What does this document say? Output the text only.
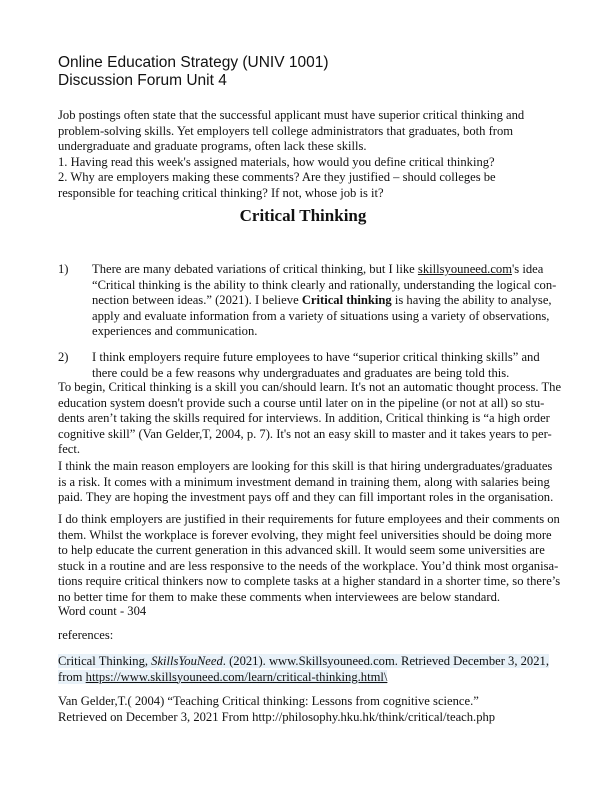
Online Education Strategy (UNIV 1001)
Discussion Forum Unit 4
Job postings often state that the successful applicant must have superior critical thinking and
problem-solving skills. Yet employers tell college administrators that graduates, both from
undergraduate and graduate programs, often lack these skills.
1. Having read this week's assigned materials, how would you define critical thinking?
2. Why are employers making these comments? Are they justified – should colleges be
responsible for teaching critical thinking? If not, whose job is it?
Critical Thinking
1) There are many debated variations of critical thinking, but I like skillsyouneed.com's idea
“Critical thinking is the ability to think clearly and rationally, understanding the logical con-
nection between ideas.” (2021). I believe Critical thinking is having the ability to analyse,
apply and evaluate information from a variety of situations using a variety of observations,
experiences and communication.
2) I think employers require future employees to have “superior critical thinking skills” and
there could be a few reasons why undergraduates and graduates are being told this.
To begin, Critical thinking is a skill you can/should learn. It's not an automatic thought process. The
education system doesn't provide such a course until later on in the pipeline (or not at all) so stu-
dents aren’t taking the skills required for interviews. In addition, Critical thinking is “a high order
cognitive skill” (Van Gelder,T, 2004, p. 7). It's not an easy skill to master and it takes years to per-
fect.
I think the main reason employers are looking for this skill is that hiring undergraduates/graduates
is a risk. It comes with a minimum investment demand in training them, along with salaries being
paid. They are hoping the investment pays off and they can fill important roles in the organisation.
I do think employers are justified in their requirements for future employees and their comments on
them. Whilst the workplace is forever evolving, they might feel universities should be doing more
to help educate the current generation in this advanced skill. It would seem some universities are
stuck in a routine and are less responsive to the needs of the workplace. You’d think most organisa-
tions require critical thinkers now to complete tasks at a higher standard in a shorter time, so there’s
no better time for them to make these comments when interviewees are below standard.
Word count - 304
references:
Critical Thinking, SkillsYouNeed. (2021). www.Skillsyouneed.com. Retrieved December 3, 2021,
from https://www.skillsyouneed.com/learn/critical-thinking.html\
Van Gelder,T.( 2004) “Teaching Critical thinking: Lessons from cognitive science.”
Retrieved on December 3, 2021 From http://philosophy.hku.hk/think/critical/teach.php
